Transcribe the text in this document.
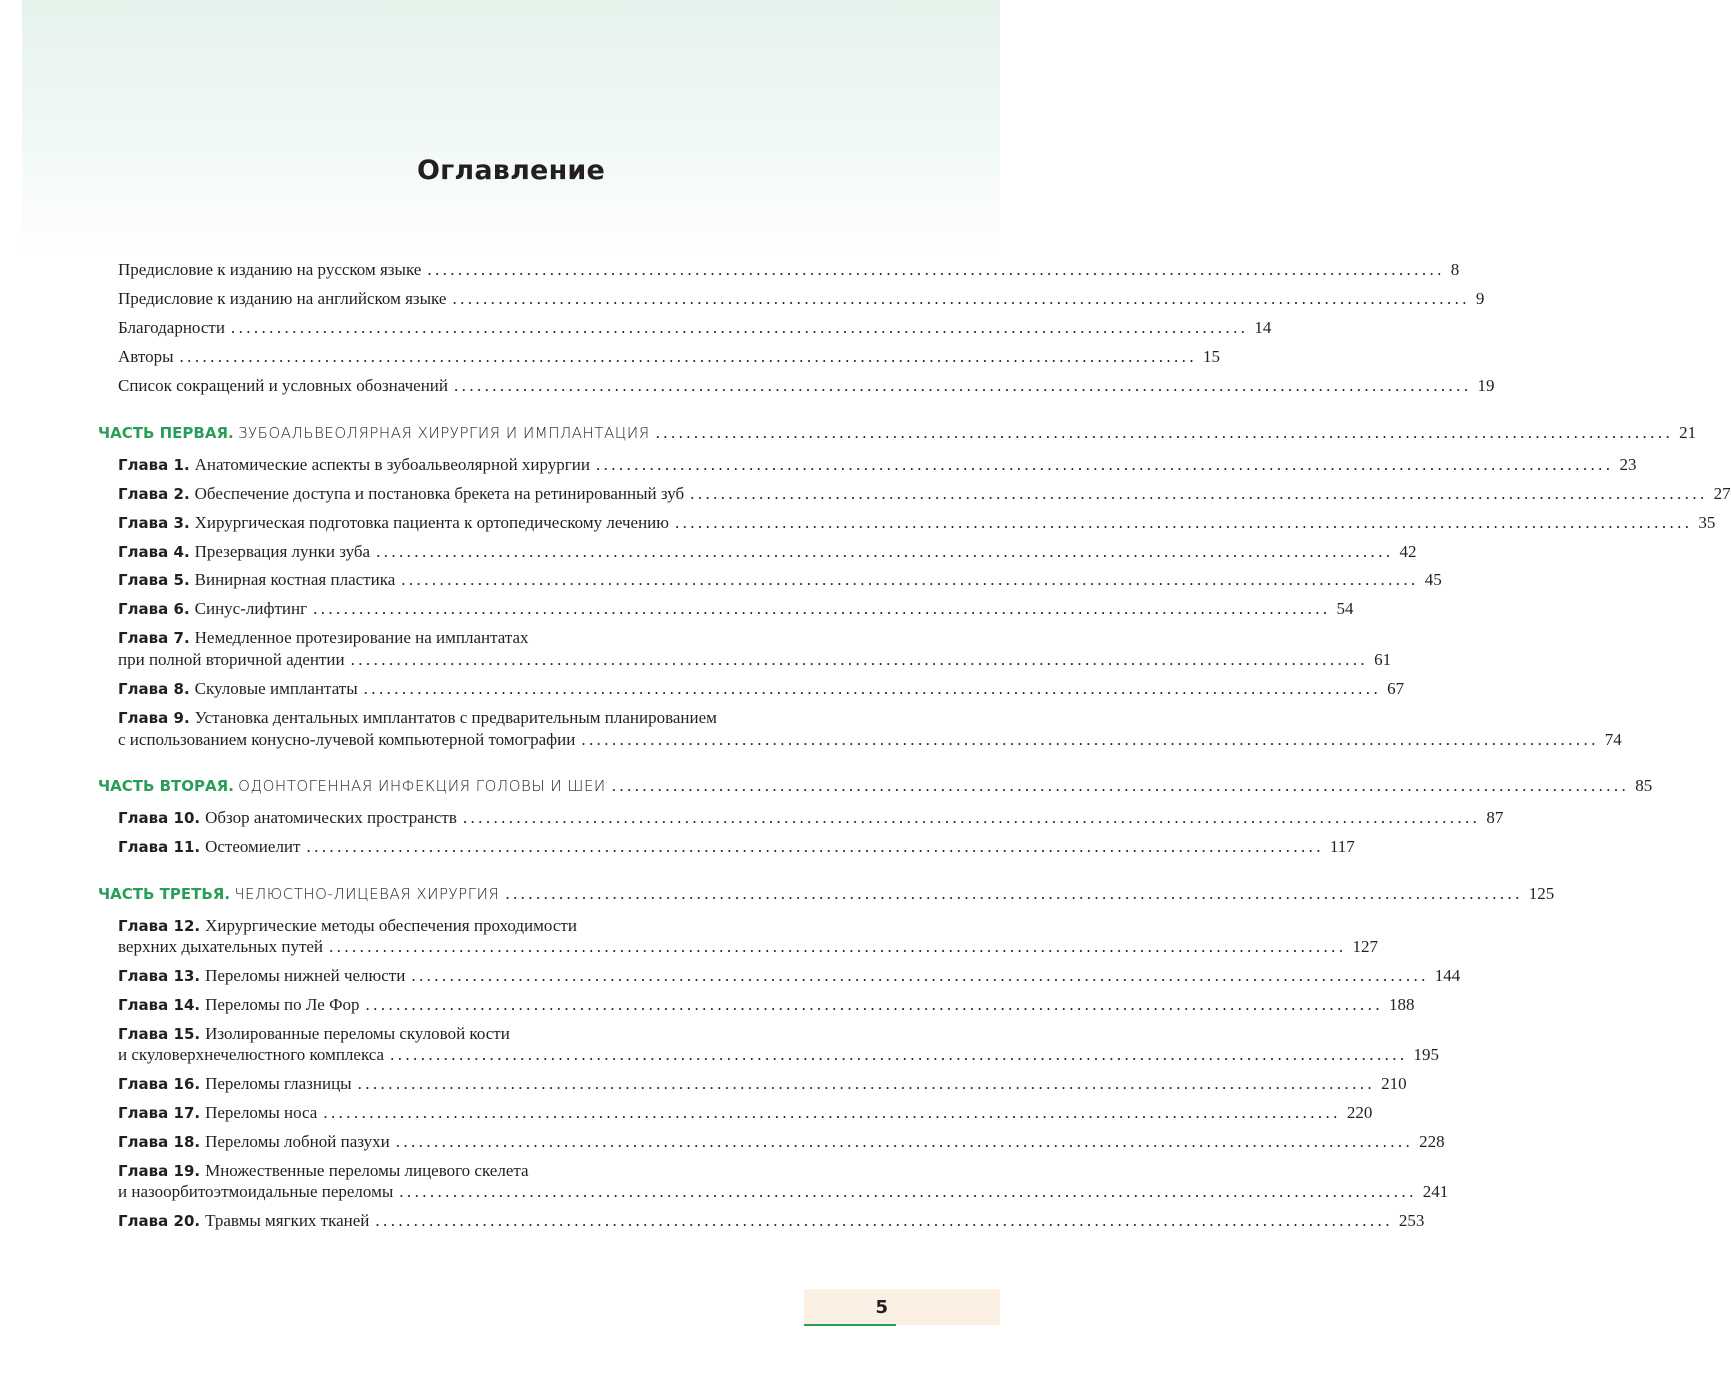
Оглавление
Предисловие к изданию на русском языке ..................................................................................................................................... 8
Предисловие к изданию на английском языке ..................................................................................................................................... 9
Благодарности ..................................................................................................................................... 14
Авторы ..................................................................................................................................... 15
Список сокращений и условных обозначений ..................................................................................................................................... 19
ЧАСТЬ ПЕРВАЯ. ЗУБОАЛЬВЕОЛЯРНАЯ ХИРУРГИЯ И ИМПЛАНТАЦИЯ ..................................................................................................................................... 21
Глава 1. Анатомические аспекты в зубоальвеолярной хирургии ..................................................................................................................................... 23
Глава 2. Обеспечение доступа и постановка брекета на ретинированный зуб ..................................................................................................................................... 27
Глава 3. Хирургическая подготовка пациента к ортопедическому лечению ..................................................................................................................................... 35
Глава 4. Презервация лунки зуба ..................................................................................................................................... 42
Глава 5. Винирная костная пластика ..................................................................................................................................... 45
Глава 6. Синус-лифтинг ..................................................................................................................................... 54
Глава 7. Немедленное протезирование на имплантатах
при полной вторичной адентии ..................................................................................................................................... 61
Глава 8. Скуловые имплантаты ..................................................................................................................................... 67
Глава 9. Установка дентальных имплантатов с предварительным планированием
с использованием конусно-лучевой компьютерной томографии ..................................................................................................................................... 74
ЧАСТЬ ВТОРАЯ. ОДОНТОГЕННАЯ ИНФЕКЦИЯ ГОЛОВЫ И ШЕИ ..................................................................................................................................... 85
Глава 10. Обзор анатомических пространств ..................................................................................................................................... 87
Глава 11. Остеомиелит ..................................................................................................................................... 117
ЧАСТЬ ТРЕТЬЯ. ЧЕЛЮСТНО-ЛИЦЕВАЯ ХИРУРГИЯ ..................................................................................................................................... 125
Глава 12. Хирургические методы обеспечения проходимости
верхних дыхательных путей ..................................................................................................................................... 127
Глава 13. Переломы нижней челюсти ..................................................................................................................................... 144
Глава 14. Переломы по Ле Фор ..................................................................................................................................... 188
Глава 15. Изолированные переломы скуловой кости
и скуловерхнечелюстного комплекса ..................................................................................................................................... 195
Глава 16. Переломы глазницы ..................................................................................................................................... 210
Глава 17. Переломы носа ..................................................................................................................................... 220
Глава 18. Переломы лобной пазухи ..................................................................................................................................... 228
Глава 19. Множественные переломы лицевого скелета
и назоорбитоэтмоидальные переломы ..................................................................................................................................... 241
Глава 20. Травмы мягких тканей ..................................................................................................................................... 253
5
